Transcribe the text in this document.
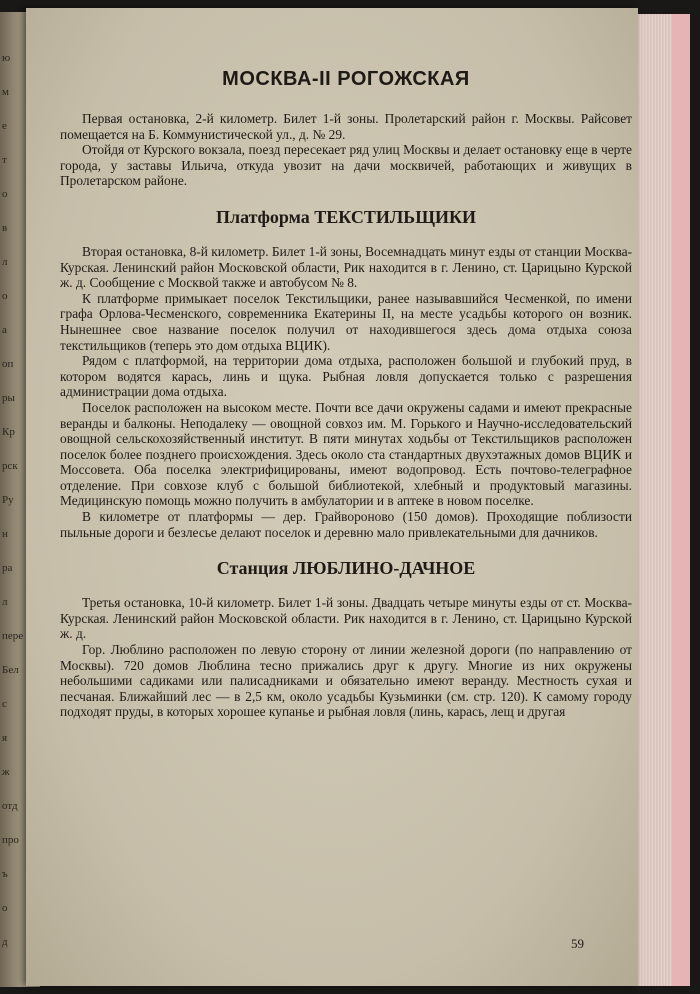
ю
м
е
т
о
в
л
о
а
оп
ры
Кр
рск
Ру
н
ра
л
пере
Бел
с
я
ж
отд
про
ъ
о
д
МОСКВА-II РОГОЖСКАЯ

Первая остановка, 2-й километр. Билет 1-й зоны. Пролетарский район г. Москвы. Райсовет помещается на Б. Коммунистической ул., д. № 29.

Отойдя от Курского вокзала, поезд пересекает ряд улиц Москвы и делает остановку еще в черте города, у заставы Ильича, откуда увозит на дачи москвичей, работающих и живущих в Пролетарском районе.

Платформа ТЕКСТИЛЬЩИКИ

Вторая остановка, 8-й километр. Билет 1-й зоны, Восемнадцать минут езды от станции Москва-Курская. Ленинский район Московской области, Рик находится в г. Ленино, ст. Царицыно Курской ж. д. Сообщение с Москвой также и автобусом № 8.

К платформе примыкает поселок Текстильщики, ранее называвшийся Чесменкой, по имени графа Орлова-Чесменского, современника Екатерины II, на месте усадьбы которого он возник. Нынешнее свое название поселок получил от находившегося здесь дома отдыха союза текстильщиков (теперь это дом отдыха ВЦИК).

Рядом с платформой, на территории дома отдыха, расположен большой и глубокий пруд, в котором водятся карась, линь и щука. Рыбная ловля допускается только с разрешения администрации дома отдыха.

Поселок расположен на высоком месте. Почти все дачи окружены садами и имеют прекрасные веранды и балконы. Неподалеку — овощной совхоз им. М. Горького и Научно-исследовательский овощной сельскохозяйственный институт. В пяти минутах ходьбы от Текстильщиков расположен поселок более позднего происхождения. Здесь около ста стандартных двухэтажных домов ВЦИК и Моссовета. Оба поселка электрифицированы, имеют водопровод. Есть почтово-телеграфное отделение. При совхозе клуб с большой библиотекой, хлебный и продуктовый магазины. Медицинскую помощь можно получить в амбулатории и в аптеке в новом поселке.

В километре от платформы — дер. Грайвороново (150 домов). Проходящие поблизости пыльные дороги и безлесье делают поселок и деревню мало привлекательными для дачников.

Станция ЛЮБЛИНО-ДАЧНОЕ

Третья остановка, 10-й километр. Билет 1-й зоны. Двадцать четыре минуты езды от ст. Москва-Курская. Ленинский район Московской области. Рик находится в г. Ленино, ст. Царицыно Курской ж. д.

Гор. Люблино расположен по левую сторону от линии железной дороги (по направлению от Москвы). 720 домов Люблина тесно прижались друг к другу. Многие из них окружены небольшими садиками или палисадниками и обязательно имеют веранду. Местность сухая и песчаная. Ближайший лес — в 2,5 км, около усадьбы Кузьминки (см. стр. 120). К самому городу подходят пруды, в которых хорошее купанье и рыбная ловля (линь, карась, лещ и другая

59
